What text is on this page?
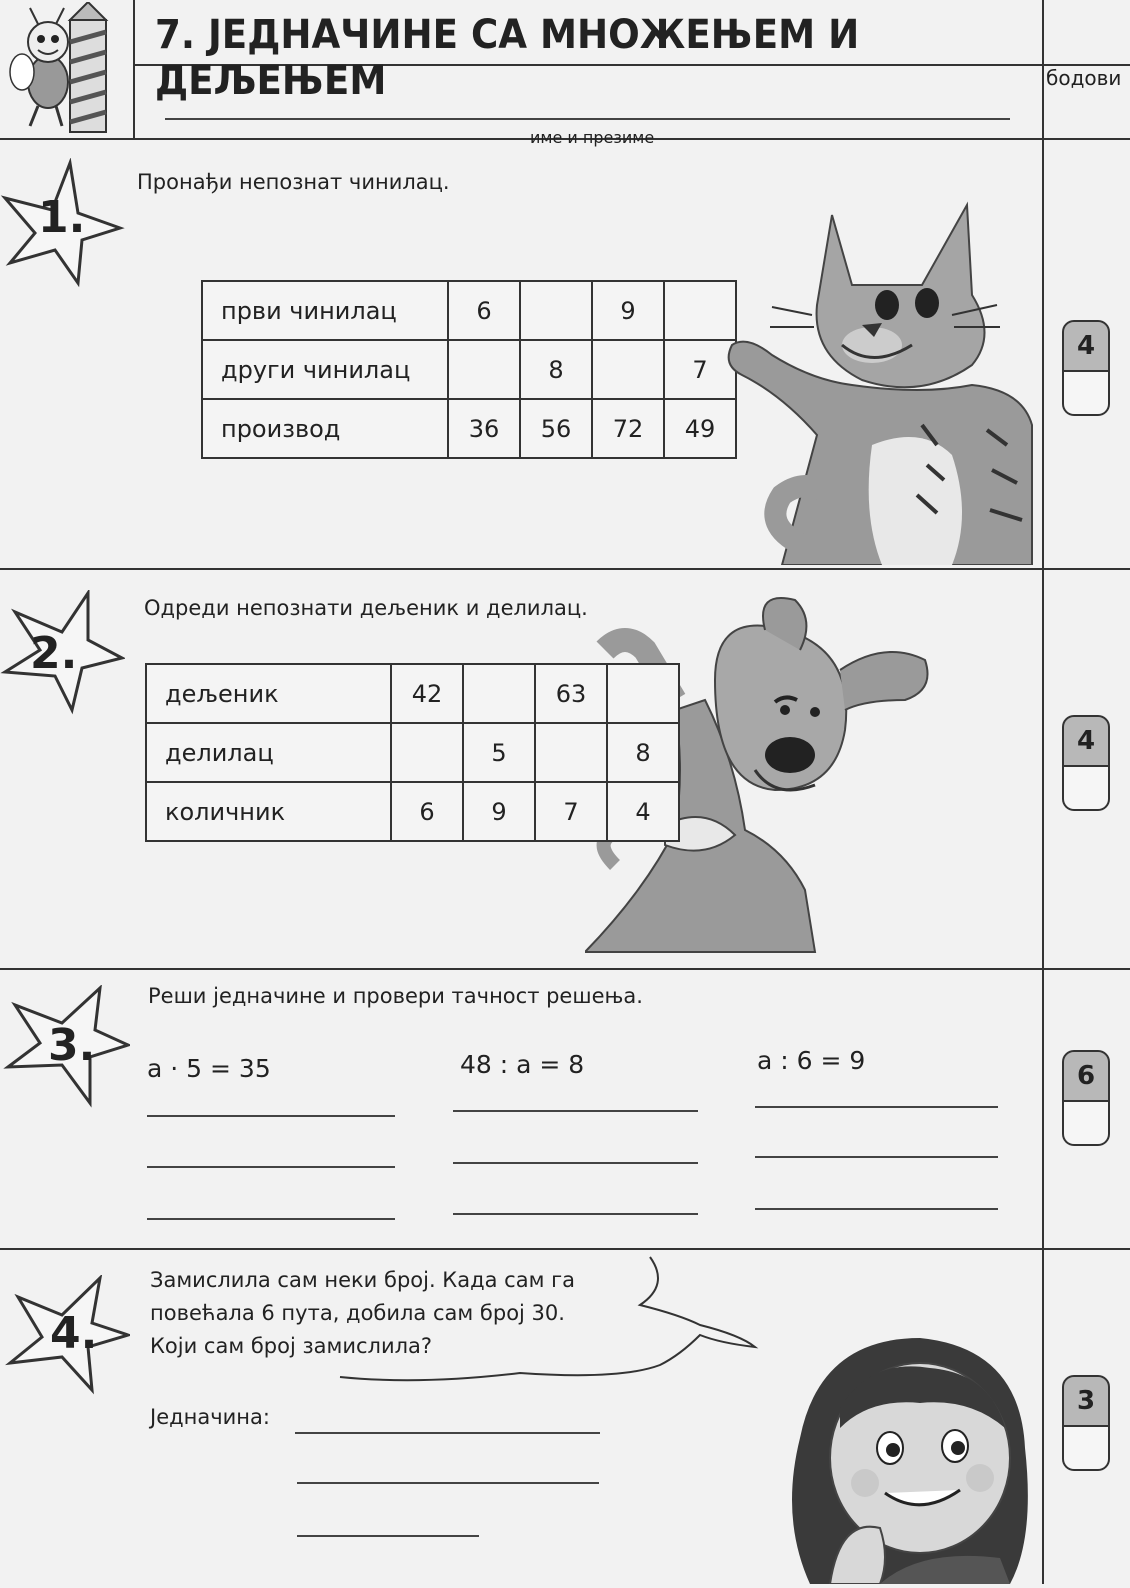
7. ЈЕДНАЧИНЕ СА МНОЖЕЊЕМ И ДЕЉЕЊЕМ	бодови
име и презиме
1.
Пронађи непознат чинилац.
први чинилац	6		9	
други чинилац		8		7
производ	36	56	72	49
4
2.
Одреди непознати дељеник и делилац.
дељеник	42		63	
делилац		5		8
количник	6	9	7	4
4
3.
Реши једначине и провери тачност решења.
a · 5 = 35	48 : a = 8	a : 6 = 9
6
4.
Замислила сам неки број. Када сам га
повећала 6 пута, добила сам број 30.
Који сам број замислила?
Једначина:
3
